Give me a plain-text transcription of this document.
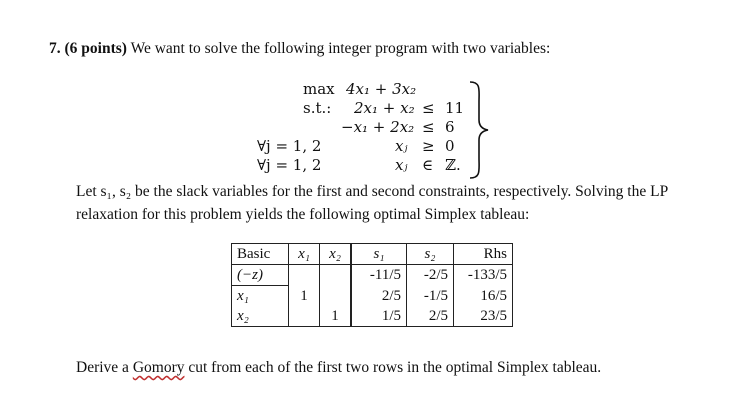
7. (6 points) We want to solve the following integer program with two variables:
max 4x₁ + 3x₂
s.t.: 2x₁ + x₂ ≤ 11
−x₁ + 2x₂ ≤ 6
∀j = 1, 2	xⱼ ≥ 0
∀j = 1, 2	xⱼ ∈ ℤ.
Let s₁, s₂ be the slack variables for the first and second constraints, respectively. Solving the LP relaxation for this problem yields the following optimal Simplex tableau:
Basic	x₁	x₂	s₁	s₂	Rhs
(−z)			-11/5	-2/5	-133/5
x₁	1		2/5	-1/5	16/5
x₂		1	1/5	2/5	23/5
Derive a Gomory cut from each of the first two rows in the optimal Simplex tableau.
